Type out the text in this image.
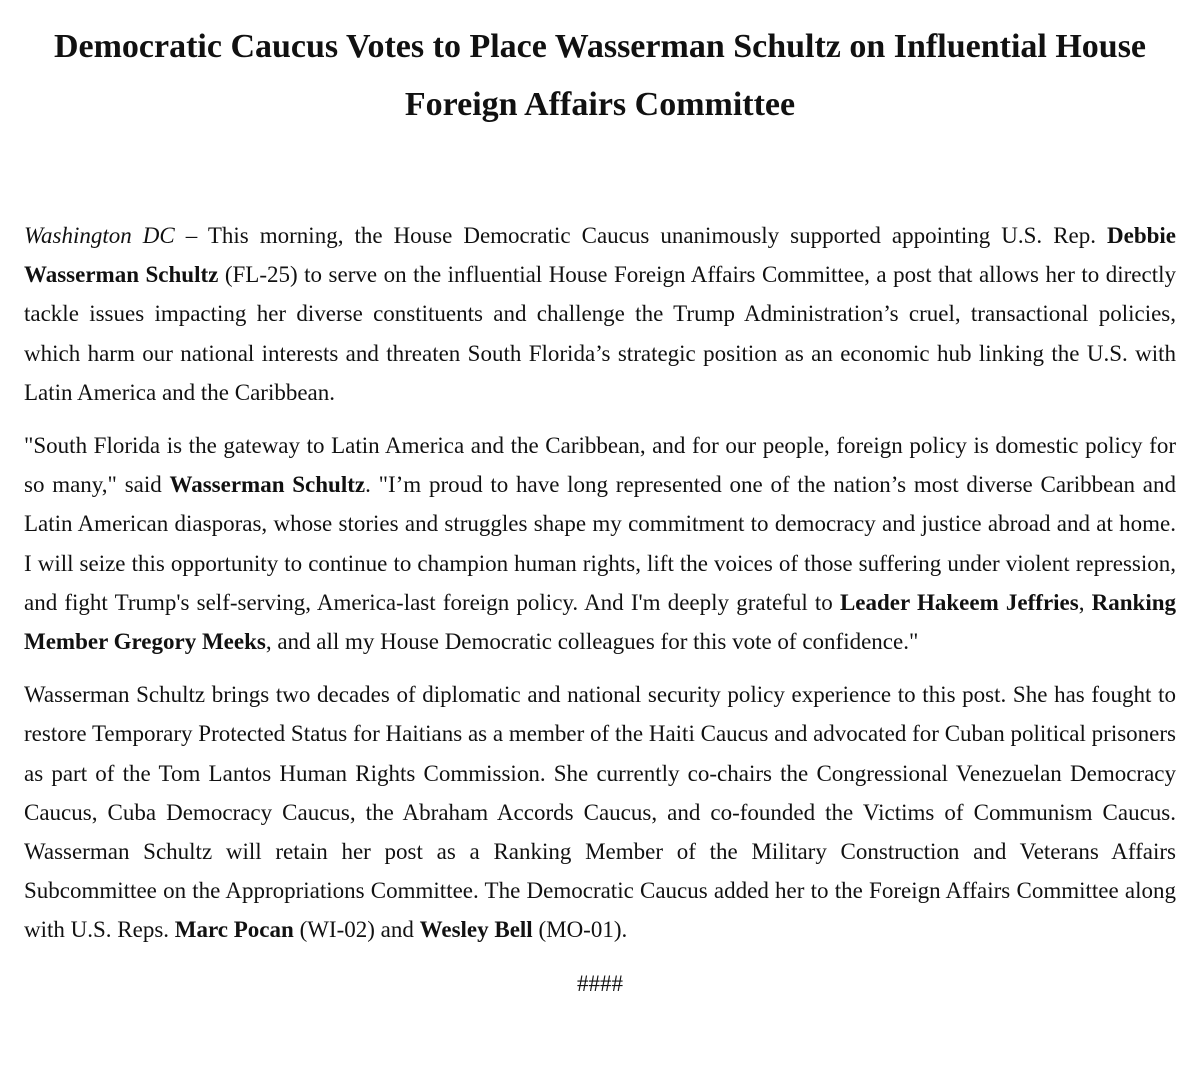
Democratic Caucus Votes to Place Wasserman Schultz on Influential House Foreign Affairs Committee

Washington DC – This morning, the House Democratic Caucus unanimously supported appointing U.S. Rep. Debbie Wasserman Schultz (FL-25) to serve on the influential House Foreign Affairs Committee, a post that allows her to directly tackle issues impacting her diverse constituents and challenge the Trump Administration’s cruel, transactional policies, which harm our national interests and threaten South Florida’s strategic position as an economic hub linking the U.S. with Latin America and the Caribbean.

"South Florida is the gateway to Latin America and the Caribbean, and for our people, foreign policy is domestic policy for so many," said Wasserman Schultz. "I’m proud to have long represented one of the nation’s most diverse Caribbean and Latin American diasporas, whose stories and struggles shape my commitment to democracy and justice abroad and at home. I will seize this opportunity to continue to champion human rights, lift the voices of those suffering under violent repression, and fight Trump's self-serving, America-last foreign policy. And I'm deeply grateful to Leader Hakeem Jeffries, Ranking Member Gregory Meeks, and all my House Democratic colleagues for this vote of confidence."

Wasserman Schultz brings two decades of diplomatic and national security policy experience to this post. She has fought to restore Temporary Protected Status for Haitians as a member of the Haiti Caucus and advocated for Cuban political prisoners as part of the Tom Lantos Human Rights Commission. She currently co-chairs the Congressional Venezuelan Democracy Caucus, Cuba Democracy Caucus, the Abraham Accords Caucus, and co-founded the Victims of Communism Caucus. Wasserman Schultz will retain her post as a Ranking Member of the Military Construction and Veterans Affairs Subcommittee on the Appropriations Committee. The Democratic Caucus added her to the Foreign Affairs Committee along with U.S. Reps. Marc Pocan (WI-02) and Wesley Bell (MO-01).

####
